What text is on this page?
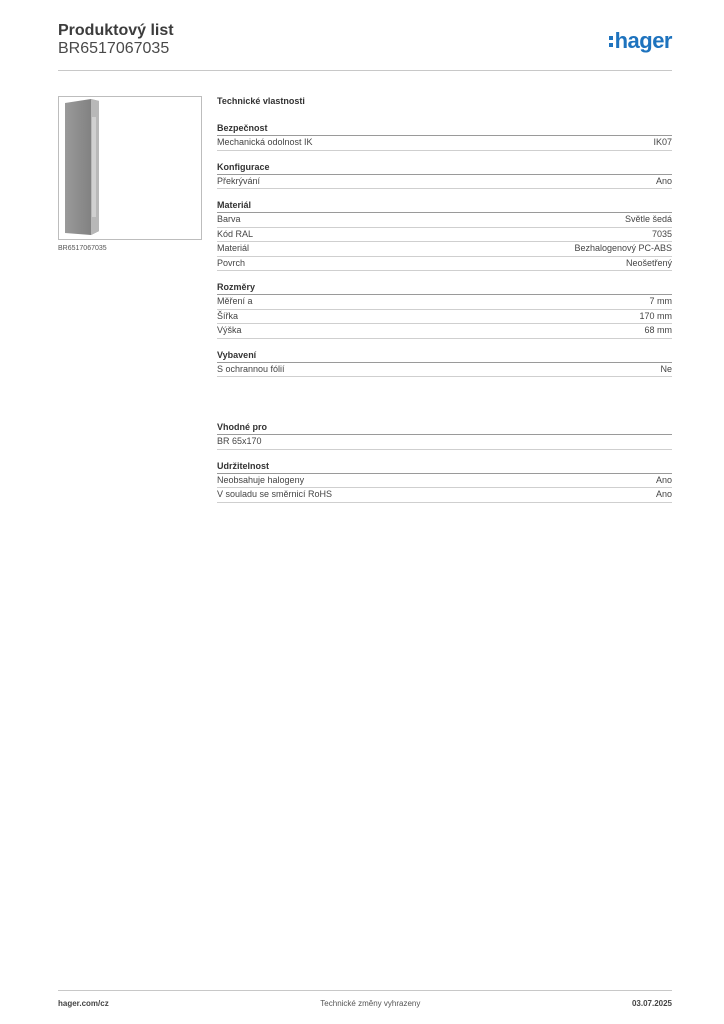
Produktový list
BR6517067035	hager
BR6517067035
Technické vlastnosti
Bezpečnost
Mechanická odolnost IK	IK07
Konfigurace
Překrývání	Ano
Materiál
Barva	Světle šedá
Kód RAL	7035
Materiál	Bezhalogenový PC-ABS
Povrch	Neošetřený
Rozměry
Měření a	7 mm
Šířka	170 mm
Výška	68 mm
Vybavení
S ochrannou fólií	Ne
Vhodné pro
BR 65x170
Udržitelnost
Neobsahuje halogeny	Ano
V souladu se směrnicí RoHS	Ano
hager.com/cz	Technické změny vyhrazeny	03.07.2025
